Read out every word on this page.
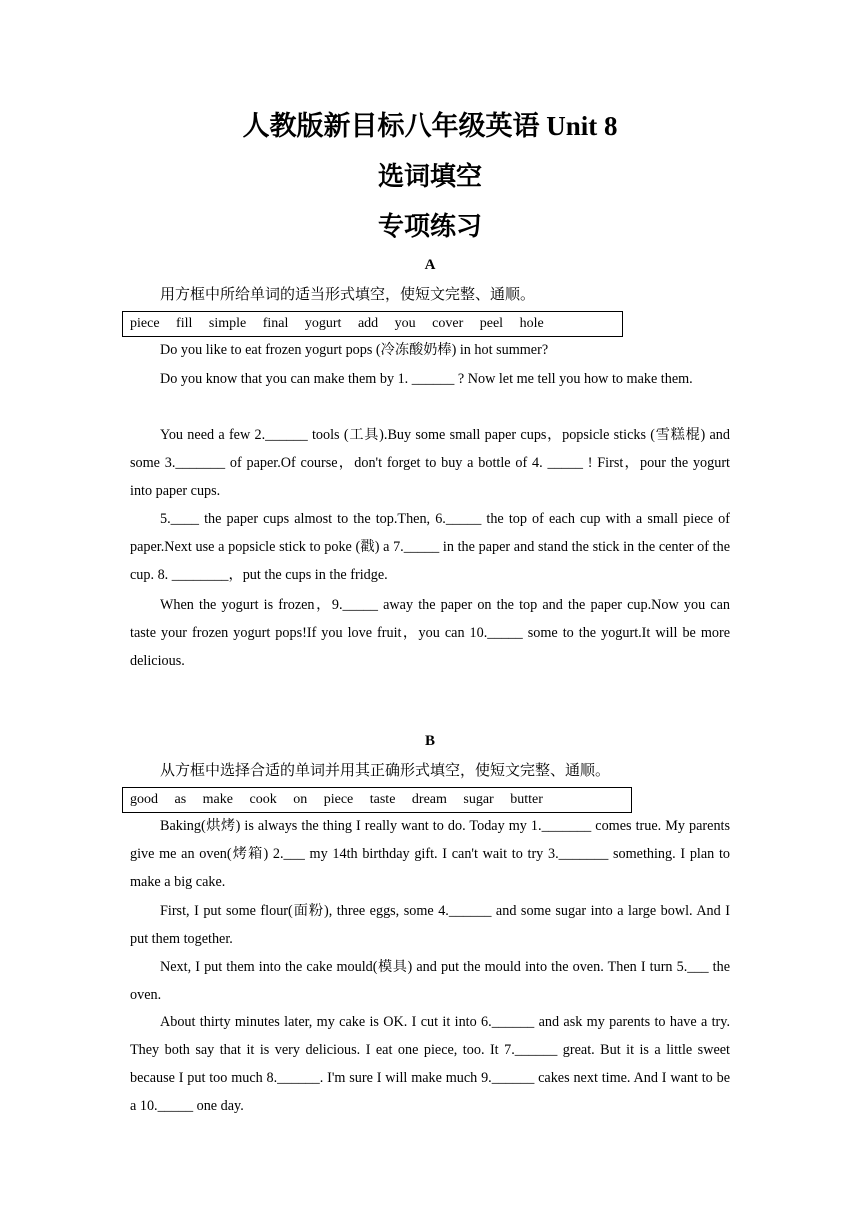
人教版新目标八年级英语 Unit 8
选词填空
专项练习
A
用方框中所给单词的适当形式填空，使短文完整、通顺。
piece fill simple final yogurt add you cover peel hole

Do you like to eat frozen yogurt pops (冷冻酸奶棒) in hot summer?

Do you know that you can make them by 1. ______ ? Now let me tell you how to make them.

You need a few 2.______ tools (工具).Buy some small paper cups，popsicle sticks (雪糕棍) and some 3._______ of paper.Of course，don't forget to buy a bottle of 4. _____ ! First，pour the yogurt into paper cups.

5.____ the paper cups almost to the top.Then, 6._____ the top of each cup with a small piece of paper.Next use a popsicle stick to poke (戳) a 7._____ in the paper and stand the stick in the center of the cup. 8. ________，put the cups in the fridge.

When the yogurt is frozen，9._____ away the paper on the top and the paper cup.Now you can taste your frozen yogurt pops!If you love fruit，you can 10._____ some to the yogurt.It will be more delicious.

B
从方框中选择合适的单词并用其正确形式填空，使短文完整、通顺。
good as make cook on piece taste dream sugar butter

Baking(烘烤) is always the thing I really want to do. Today my 1._______ comes true. My parents give me an oven(烤箱) 2.___ my 14th birthday gift. I can't wait to try 3._______ something. I plan to make a big cake.

First, I put some flour(面粉), three eggs, some 4.______ and some sugar into a large bowl. And I put them together.

Next, I put them into the cake mould(模具) and put the mould into the oven. Then I turn 5.___ the oven.

About thirty minutes later, my cake is OK. I cut it into 6.______ and ask my parents to have a try. They both say that it is very delicious. I eat one piece, too. It 7.______ great. But it is a little sweet because I put too much 8.______. I'm sure I will make much 9.______ cakes next time. And I want to be a 10._____ one day.
